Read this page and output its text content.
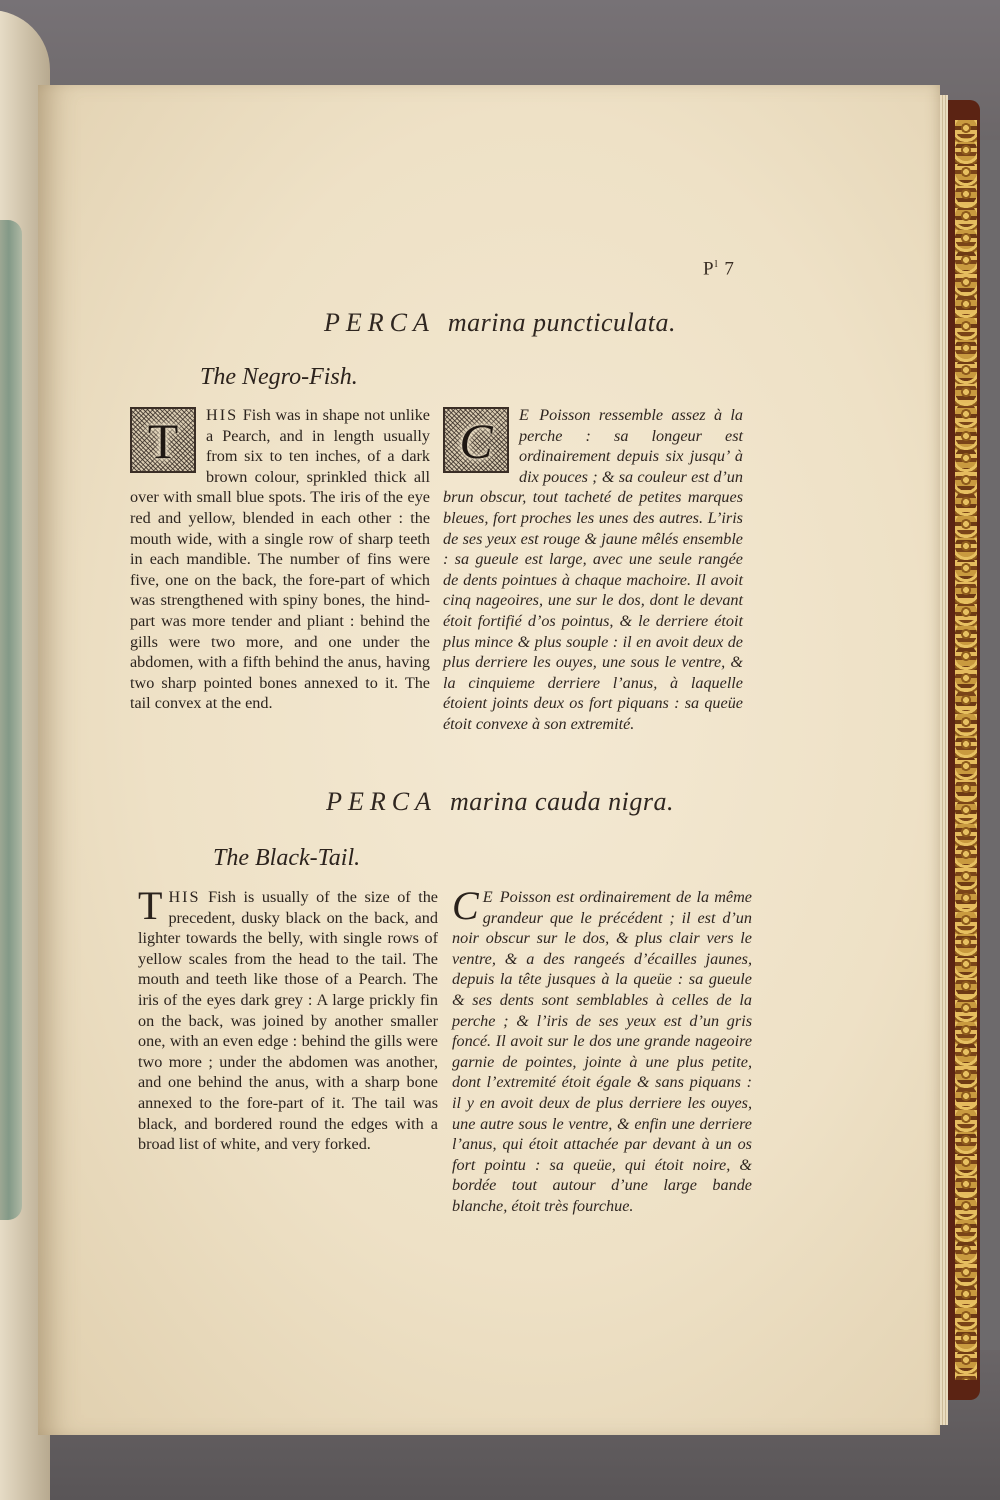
$P^l$ 7
PERCA marina puncticulata.
The Negro-Fish.

T	HIS Fish was in shape not unlike a Pearch, and in length usually from six to ten inches, of a dark brown colour, sprinkled thick all over with small blue spots. The iris of the eye red and yellow, blended in each other : the mouth wide, with a single row of sharp teeth in each mandible. The number of fins were five, one on the back, the fore-part of which was strengthened with spiny bones, the hind-part was more tender and pliant : behind the gills were two more, and one under the abdomen, with a fifth behind the anus, having two sharp pointed bones annexed to it. The tail convex at the end.

C	E Poisson ressemble assez à la perche : sa longeur est ordinairement depuis six jusqu’ à dix pouces ; & sa couleur est d’un brun obscur, tout tacheté de petites marques bleues, fort proches les unes des autres. L’iris de ses yeux est rouge & jaune mêlés ensemble : sa gueule est large, avec une seule rangée de dents pointues à chaque machoire. Il avoit cinq nageoires, une sur le dos, dont le devant étoit fortifié d’os pointus, & le derriere étoit plus mince & plus souple : il en avoit deux de plus derriere les ouyes, une sous le ventre, & la cinquieme derriere l’anus, à laquelle étoient joints deux os fort piquans : sa queüe étoit convexe à son extremité.

PERCA marina cauda nigra.
The Black-Tail.

T HIS Fish is usually of the size of the precedent, dusky black on the back, and lighter towards the belly, with single rows of yellow scales from the head to the tail. The mouth and teeth like those of a Pearch. The iris of the eyes dark grey : A large prickly fin on the back, was joined by another smaller one, with an even edge : behind the gills were two more ; under the abdomen was another, and one behind the anus, with a sharp bone annexed to the fore-part of it. The tail was black, and bordered round the edges with a broad list of white, and very forked.

C E Poisson est ordinairement de la même grandeur que le précédent ; il est d’un noir obscur sur le dos, & plus clair vers le ventre, & a des rangeés d’écailles jaunes, depuis la tête jusques à la queüe : sa gueule & ses dents sont semblables à celles de la perche ; & l’iris de ses yeux est d’un gris foncé. Il avoit sur le dos une grande nageoire garnie de pointes, jointe à une plus petite, dont l’extremité étoit égale & sans piquans : il y en avoit deux de plus derriere les ouyes, une autre sous le ventre, & enfin une derriere l’anus, qui étoit attachée par devant à un os fort pointu : sa queüe, qui étoit noire, & bordée tout autour d’une large bande blanche, étoit très fourchue.
